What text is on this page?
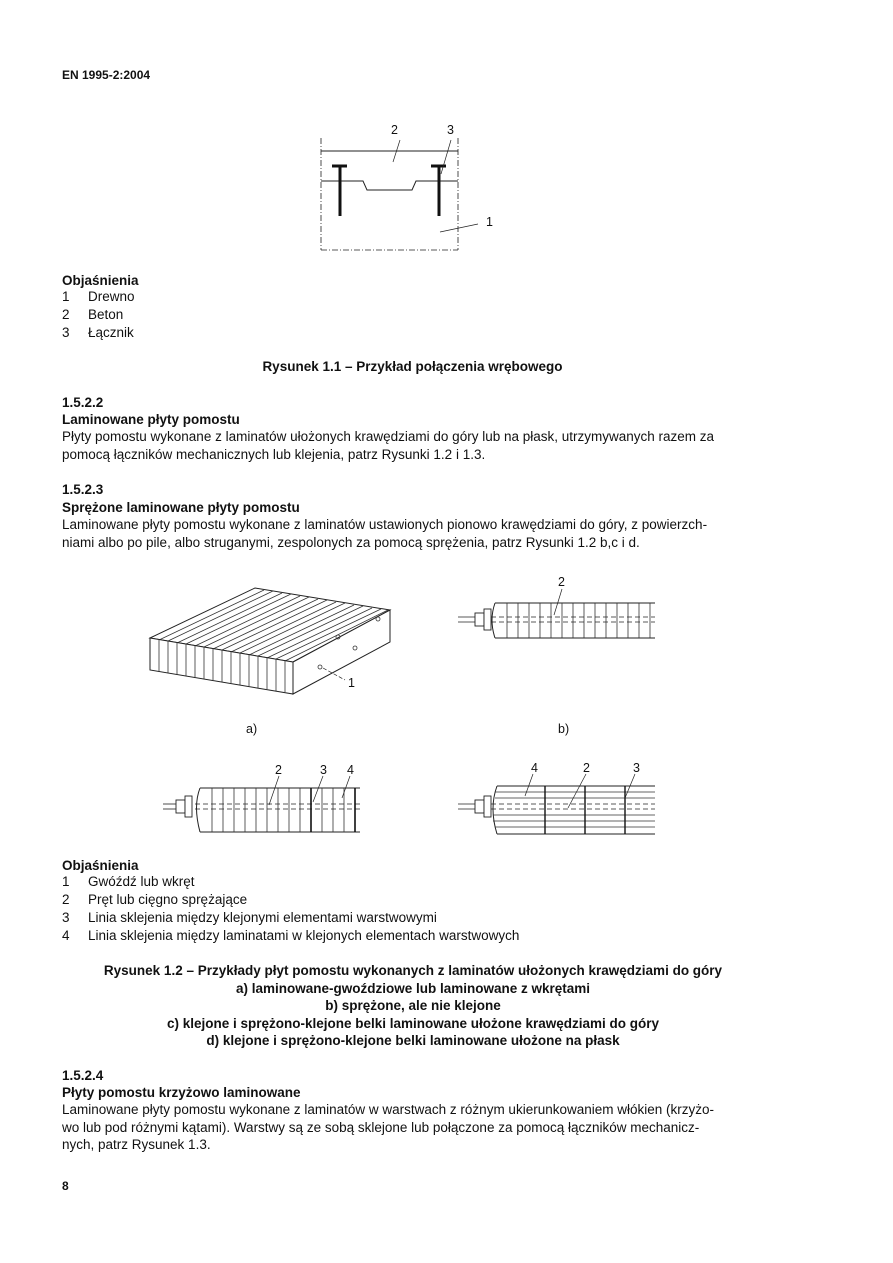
EN 1995-2:2004
2	3
1
Objaśnienia
1 Drewno
2 Beton
3 Łącznik
Rysunek 1.1 – Przykład połączenia wrębowego
1.5.2.2
Laminowane płyty pomostu
Płyty pomostu wykonane z laminatów ułożonych krawędziami do góry lub na płask, utrzymywanych razem za
pomocą łączników mechanicznych lub klejenia, patrz Rysunki 1.2 i 1.3.
1.5.2.3
Sprężone laminowane płyty pomostu
Laminowane płyty pomostu wykonane z laminatów ustawionych pionowo krawędziami do góry, z powierzch-
niami albo po pile, albo struganymi, zespolonych za pomocą sprężenia, patrz Rysunki 1.2 b,c i d.
1
2
a)	b)
2	3 4	4	2	3
Objaśnienia
1 Gwóźdź lub wkręt
2 Pręt lub cięgno sprężające
3 Linia sklejenia między klejonymi elementami warstwowymi
4 Linia sklejenia między laminatami w klejonych elementach warstwowych
Rysunek 1.2 – Przykłady płyt pomostu wykonanych z laminatów ułożonych krawędziami do góry
a) laminowane-gwoździowe lub laminowane z wkrętami
b) sprężone, ale nie klejone
c) klejone i sprężono-klejone belki laminowane ułożone krawędziami do góry
d) klejone i sprężono-klejone belki laminowane ułożone na płask
1.5.2.4
Płyty pomostu krzyżowo laminowane
Laminowane płyty pomostu wykonane z laminatów w warstwach z różnym ukierunkowaniem włókien (krzyżo-
wo lub pod różnymi kątami). Warstwy są ze sobą sklejone lub połączone za pomocą łączników mechanicz-
nych, patrz Rysunek 1.3.
8
